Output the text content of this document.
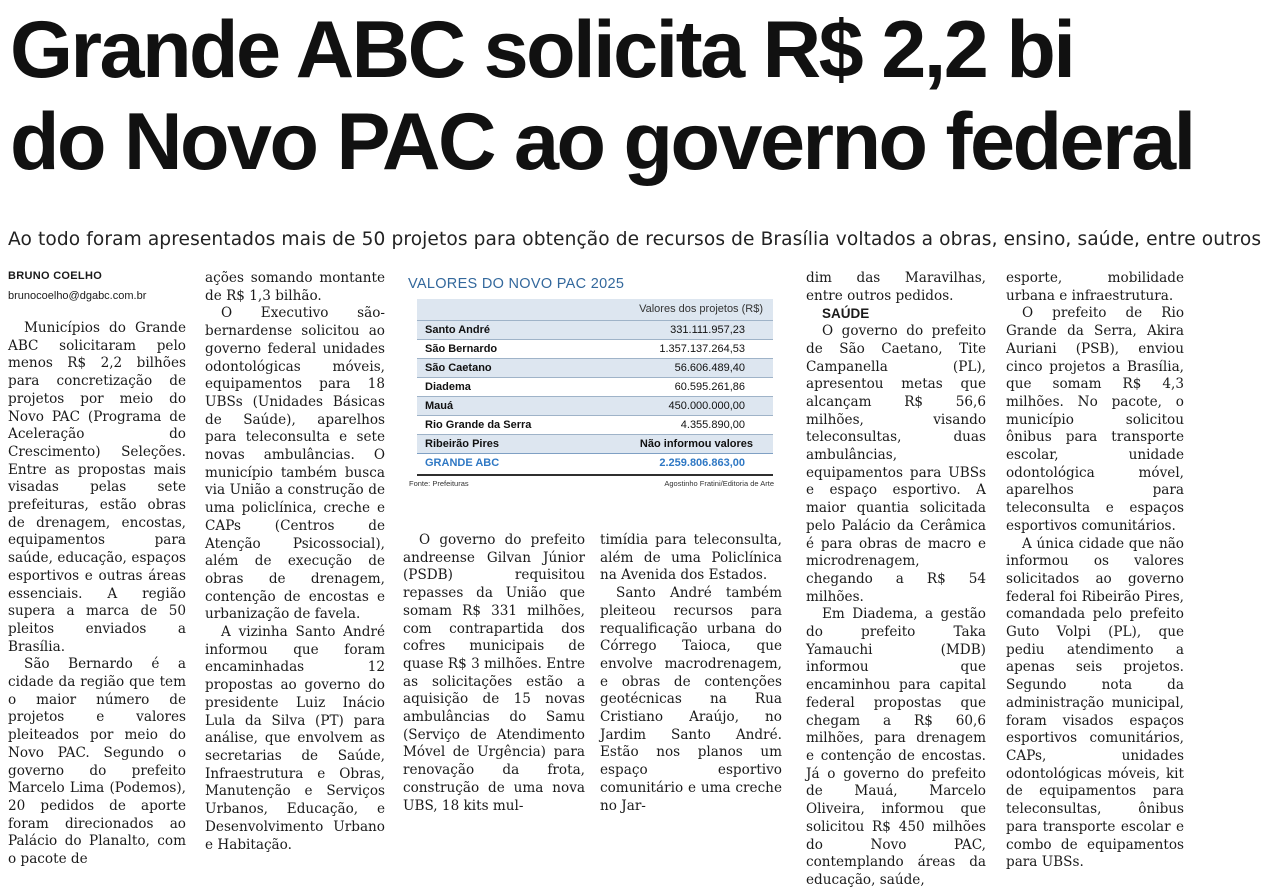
Grande ABC solicita R$ 2,2 bi
do Novo PAC ao governo federal
Ao todo foram apresentados mais de 50 projetos para obtenção de recursos de Brasília voltados a obras, ensino, saúde, entre outros
BRUNO COELHO
brunocoelho@dgabc.com.br

Municípios do Grande ABC solicitaram pelo menos R$ 2,2 bilhões para concretização de projetos por meio do Novo PAC (Programa de Aceleração do Crescimento) Seleções. Entre as propostas mais visadas pelas sete prefeituras, estão obras de drenagem, encostas, equipamentos para saúde, educação, espaços esportivos e outras áreas essenciais. A região supera a marca de 50 pleitos enviados a Brasília.

São Bernardo é a cidade da região que tem o maior número de projetos e valores pleiteados por meio do Novo PAC. Segundo o governo do prefeito Marcelo Lima (Podemos), 20 pedidos de aporte foram direcionados ao Palácio do Planalto, com o pacote de

ações somando montante de R$ 1,3 bilhão.

O Executivo são-bernardense solicitou ao governo federal unidades odontológicas móveis, equipamentos para 18 UBSs (Unidades Básicas de Saúde), aparelhos para teleconsulta e sete novas ambulâncias. O município também busca via União a construção de uma policlínica, creche e CAPs (Centros de Atenção Psicossocial), além de execução de obras de drenagem, contenção de encostas e urbanização de favela.

A vizinha Santo André informou que foram encaminhadas 12 propostas ao governo do presidente Luiz Inácio Lula da Silva (PT) para análise, que envolvem as secretarias de Saúde, Infraestrutura e Obras, Manutenção e Serviços Urbanos, Educação, e Desenvolvimento Urbano e Habitação.

VALORES DO NOVO PAC 2025
Valores dos projetos (R$)
Santo André	331.111.957,23
São Bernardo	1.357.137.264,53
São Caetano	56.606.489,40
Diadema	60.595.261,86
Mauá	450.000.000,00
Rio Grande da Serra	4.355.890,00
Ribeirão Pires	Não informou valores
GRANDE ABC	2.259.806.863,00
Fonte: Prefeituras	Agostinho Fratini/Editoria de Arte

O governo do prefeito andreense Gilvan Júnior (PSDB) requisitou repasses da União que somam R$ 331 milhões, com contrapartida dos cofres municipais de quase R$ 3 milhões. Entre as solicitações estão a aquisição de 15 novas ambulâncias do Samu (Serviço de Atendimento Móvel de Urgência) para renovação da frota, construção de uma nova UBS, 18 kits mul-

timídia para teleconsulta, além de uma Policlínica na Avenida dos Estados.

Santo André também pleiteou recursos para requalificação urbana do Córrego Taioca, que envolve macrodrenagem, e obras de contenções geotécnicas na Rua Cristiano Araújo, no Jardim Santo André. Estão nos planos um espaço esportivo comunitário e uma creche no Jar-

dim das Maravilhas, entre outros pedidos.

SAÚDE

O governo do prefeito de São Caetano, Tite Campanella (PL), apresentou metas que alcançam R$ 56,6 milhões, visando teleconsultas, duas ambulâncias, equipamentos para UBSs e espaço esportivo. A maior quantia solicitada pelo Palácio da Cerâmica é para obras de macro e microdrenagem, chegando a R$ 54 milhões.

Em Diadema, a gestão do prefeito Taka Yamauchi (MDB) informou que encaminhou para capital federal propostas que chegam a R$ 60,6 milhões, para drenagem e contenção de encostas. Já o governo do prefeito de Mauá, Marcelo Oliveira, informou que solicitou R$ 450 milhões do Novo PAC, contemplando áreas da educação, saúde,

esporte, mobilidade urbana e infraestrutura.

O prefeito de Rio Grande da Serra, Akira Auriani (PSB), enviou cinco projetos a Brasília, que somam R$ 4,3 milhões. No pacote, o município solicitou ônibus para transporte escolar, unidade odontológica móvel, aparelhos para teleconsulta e espaços esportivos comunitários.

A única cidade que não informou os valores solicitados ao governo federal foi Ribeirão Pires, comandada pelo prefeito Guto Volpi (PL), que pediu atendimento a apenas seis projetos. Segundo nota da administração municipal, foram visados espaços esportivos comunitários, CAPs, unidades odontológicas móveis, kit de equipamentos para teleconsultas, ônibus para transporte escolar e combo de equipamentos para UBSs.
